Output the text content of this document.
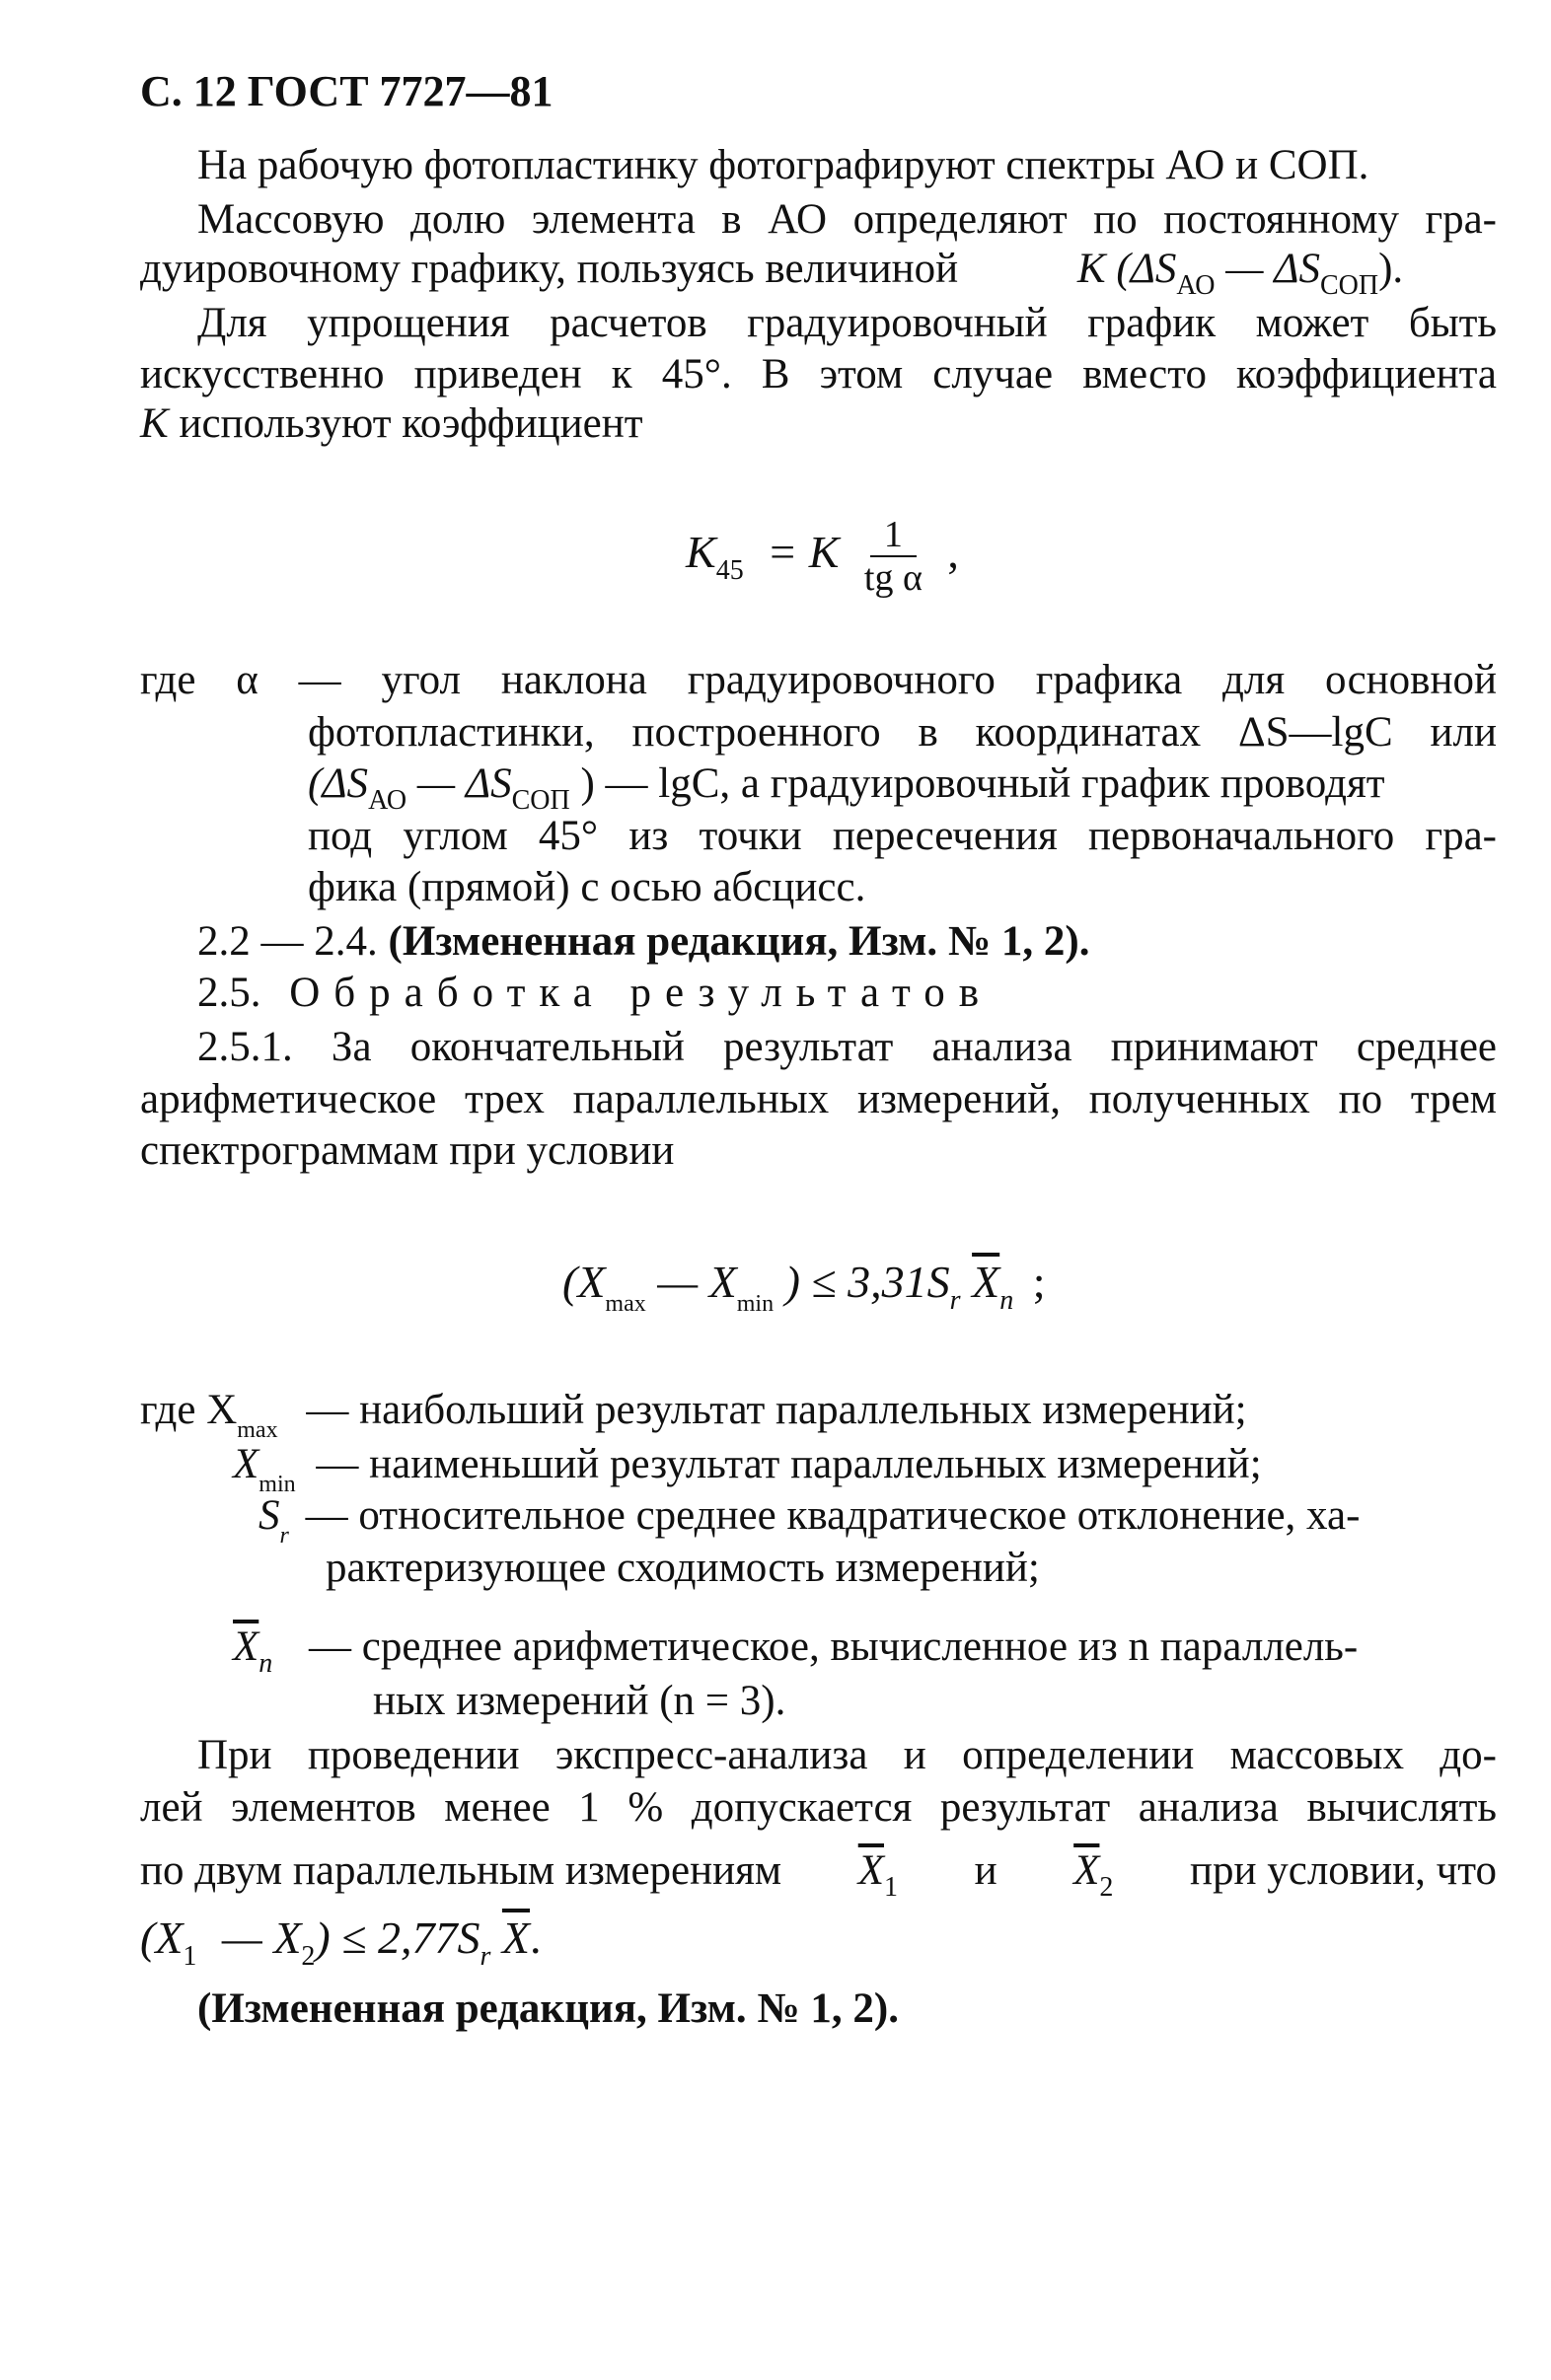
С. 12 ГОСТ 7727—81
На рабочую фотопластинку фотографируют спектры АО и СОП.
Массовую долю элемента в АО определяют по постоянному гра-
дуировочному графику, пользуясь величиной	K ($\Delta S_{АО}$ — $\Delta S_{СОП}$).
Для упрощения расчетов градуировочный график может быть
искусственно приведен к 45°. В этом случае вместо коэффициента
K используют коэффициент
$K_{45} = K \frac{1}{\text{tg α}}$ ,
где α — угол наклона градуировочного графика для основной
фотопластинки, построенного в координатах ΔS—lgC или
($\Delta S_{АО}$ — $\Delta S_{СОП}$ ) — lgC, а градуировочный график проводят
под углом 45° из точки пересечения первоначального гра-
фика (прямой) с осью абсцисс.
2.2 — 2.4. (Измененная редакция, Изм. № 1, 2).
2.5. Обработка результатов
2.5.1. За окончательный результат анализа принимают среднее
арифметическое трех параллельных измерений, полученных по трем
спектрограммам при условии
($X_{max}$ — $X_{min}$ ) ≤ $3,31S_r$ $\overline{X}_n$ ;
где $X_{max}$ — наибольший результат параллельных измерений;
$X_{min}$ — наименьший результат параллельных измерений;
$S_r$ — относительное среднее квадратическое отклонение, ха-
рактеризующее сходимость измерений;
$\overline{X}_n$ — среднее арифметическое, вычисленное из n параллель-
ных измерений (n = 3).
При проведении экспресс-анализа и определении массовых до-
лей элементов менее 1 % допускается результат анализа вычислять
по двум параллельным измерениям $\overline{X}_1$ и $\overline{X}_2$ при условии, что
($X_1$ — $X_2) \le 2,77S_r$ $\overline{X}$.
(Измененная редакция, Изм. № 1, 2).
